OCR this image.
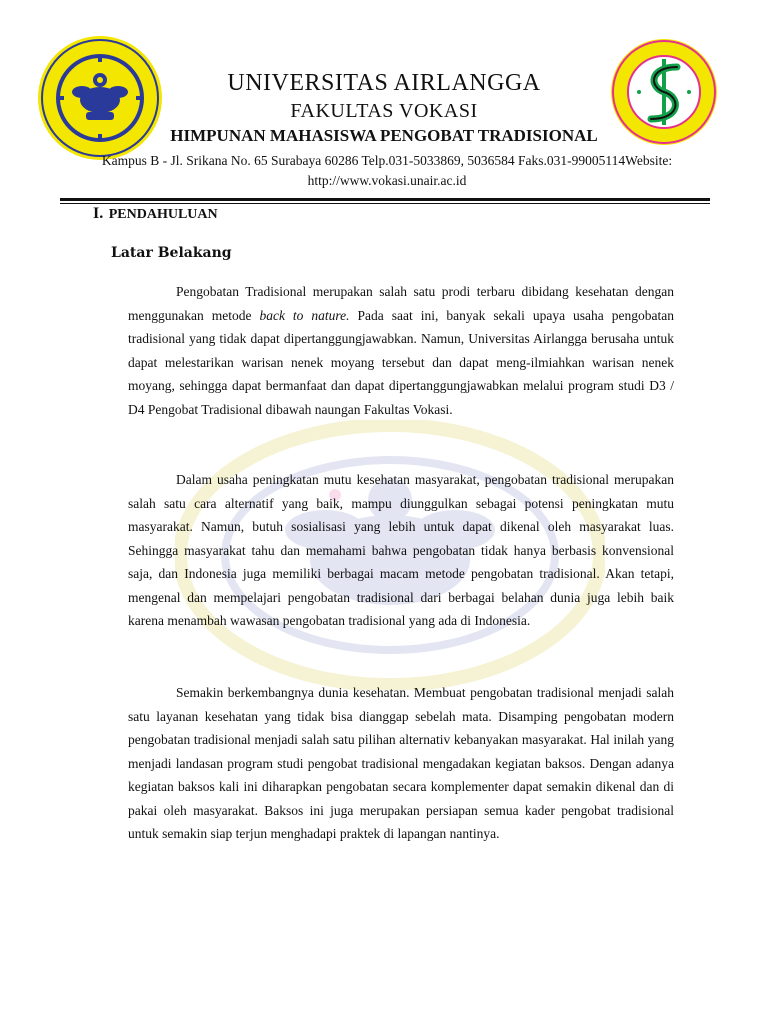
UNIVERSITAS AIRLANGGA
FAKULTAS VOKASI
HIMPUNAN MAHASISWA PENGOBAT TRADISIONAL
Kampus B - Jl. Srikana No. 65 Surabaya 60286 Telp.031-5033869, 5036584 Faks.031-99005114Website: http://www.vokasi.unair.ac.id
I. PENDAHULUAN
Latar Belakang

Pengobatan Tradisional merupakan salah satu prodi terbaru dibidang kesehatan dengan menggunakan metode back to nature. Pada saat ini, banyak sekali upaya usaha pengobatan tradisional yang tidak dapat dipertanggungjawabkan. Namun, Universitas Airlangga berusaha untuk dapat melestarikan warisan nenek moyang tersebut dan dapat meng-ilmiahkan warisan nenek moyang, sehingga dapat bermanfaat dan dapat dipertanggungjawabkan melalui program studi D3 / D4 Pengobat Tradisional dibawah naungan Fakultas Vokasi.

Dalam usaha peningkatan mutu kesehatan masyarakat, pengobatan tradisional merupakan salah satu cara alternatif yang baik, mampu diunggulkan sebagai potensi peningkatan mutu masyarakat. Namun, butuh sosialisasi yang lebih untuk dapat dikenal oleh masyarakat luas. Sehingga masyarakat tahu dan memahami bahwa pengobatan tidak hanya berbasis konvensional saja, dan Indonesia juga memiliki berbagai macam metode pengobatan tradisional. Akan tetapi, mengenal dan mempelajari pengobatan tradisional dari berbagai belahan dunia juga lebih baik karena menambah wawasan pengobatan tradisional yang ada di Indonesia.

Semakin berkembangnya dunia kesehatan. Membuat pengobatan tradisional menjadi salah satu layanan kesehatan yang tidak bisa dianggap sebelah mata. Disamping pengobatan modern pengobatan tradisional menjadi salah satu pilihan alternativ kebanyakan masyarakat. Hal inilah yang menjadi landasan program studi pengobat tradisional mengadakan kegiatan baksos. Dengan adanya kegiatan baksos kali ini diharapkan pengobatan secara komplementer dapat semakin dikenal dan di pakai oleh masyarakat. Baksos ini juga merupakan persiapan semua kader pengobat tradisional untuk semakin siap terjun menghadapi praktek di lapangan nantinya.
